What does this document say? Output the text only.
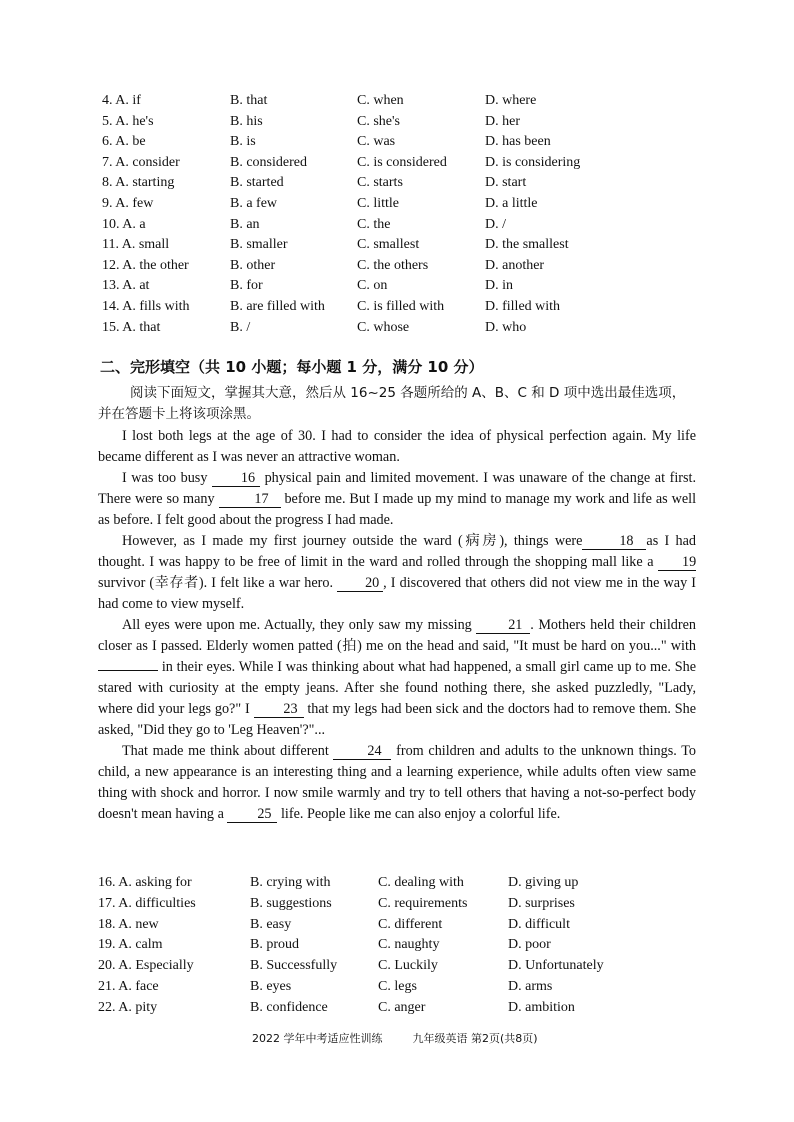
4. A. if	B. that	C. when	D. where
5. A. he's	B. his	C. she's	D. her
6. A. be	B. is	C. was	D. has been
7. A. consider	B. considered	C. is considered	D. is considering
8. A. starting	B. started	C. starts	D. start
9. A. few	B. a few	C. little	D. a little
10. A. a	B. an	C. the	D. /
11. A. small	B. smaller	C. smallest	D. the smallest
12. A. the other	B. other	C. the others	D. another
13. A. at	B. for	C. on	D. in
14. A. fills with	B. are filled with C. is filled with	D. filled with
15. A. that	B. /	C. whose	D. who
二、完形填空（共 10 小题；每小题 1 分，满分 10 分）
阅读下面短文，掌握其大意，然后从 16~25 各题所给的 A、B、C 和 D 项中选出最佳选项，
并在答题卡上将该项涂黑。

I lost both legs at the age of 30. I had to consider the idea of physical perfection again. My life became different as I was never an attractive woman.

I was too busy 16 physical pain and limited movement. I was unaware of the change at first. There were so many	17 before me. But I made up my mind to manage my work and life as well as before. I felt good about the progress I had made.

However, as I made my first journey outside the ward (病房), things were	18 as I had thought. I was happy to be free of limit in the ward and rolled through the shopping mall like a 19 survivor (幸存者). I felt like a war hero. 20 , I discovered that others did not view me in the way I had come to view myself.

All eyes were upon me. Actually, they only saw my missing	21 . Mothers held their children closer as I passed. Elderly women patted (拍) me on the head and said, "It must be hard on you..." with  in their eyes. While I was thinking about what had happened, a small girl came up to me. She stared with curiosity at the empty jeans. After she found nothing there, she asked puzzledly, "Lady, where did your legs go?" I 23 that my legs had been sick and the doctors had to remove them. She asked, "Did they go to 'Leg Heaven'?"...

That made me think about different	24 from children and adults to the unknown things. To child, a new appearance is an interesting thing and a learning experience, while adults often view same thing with shock and horror. I now smile warmly and try to tell others that having a not-so-perfect body doesn't mean having a 25 life. People like me can also enjoy a colorful life.

16. A. asking for	B. crying with	C. dealing with	D. giving up
17. A. difficulties	B. suggestions	C. requirements	D. surprises
18. A. new	B. easy	C. different	D. difficult
19. A. calm	B. proud	C. naughty	D. poor
20. A. Especially	B. Successfully	C. Luckily	D. Unfortunately
21. A. face	B. eyes	C. legs	D. arms
22. A. pity	B. confidence	C. anger	D. ambition
2022 学年中考适应性训练	九年级英语 第2页(共8页)
